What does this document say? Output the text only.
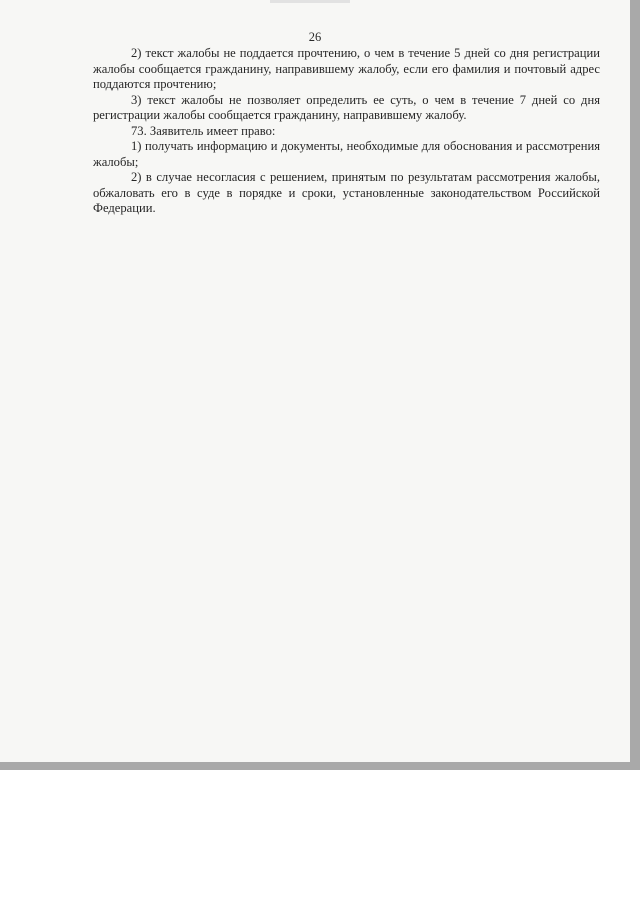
26

2) текст жалобы не поддается прочтению, о чем в течение 5 дней со дня регистрации жалобы сообщается гражданину, направившему жалобу, если его фамилия и почтовый адрес поддаются прочтению;

3) текст жалобы не позволяет определить ее суть, о чем в течение 7 дней со дня регистрации жалобы сообщается гражданину, направившему жалобу.

73. Заявитель имеет право:

1) получать информацию и документы, необходимые для обоснования и рассмотрения жалобы;

2) в случае несогласия с решением, принятым по результатам рассмотрения жалобы, обжаловать его в суде в порядке и сроки, установленные законодательством Российской Федерации.
